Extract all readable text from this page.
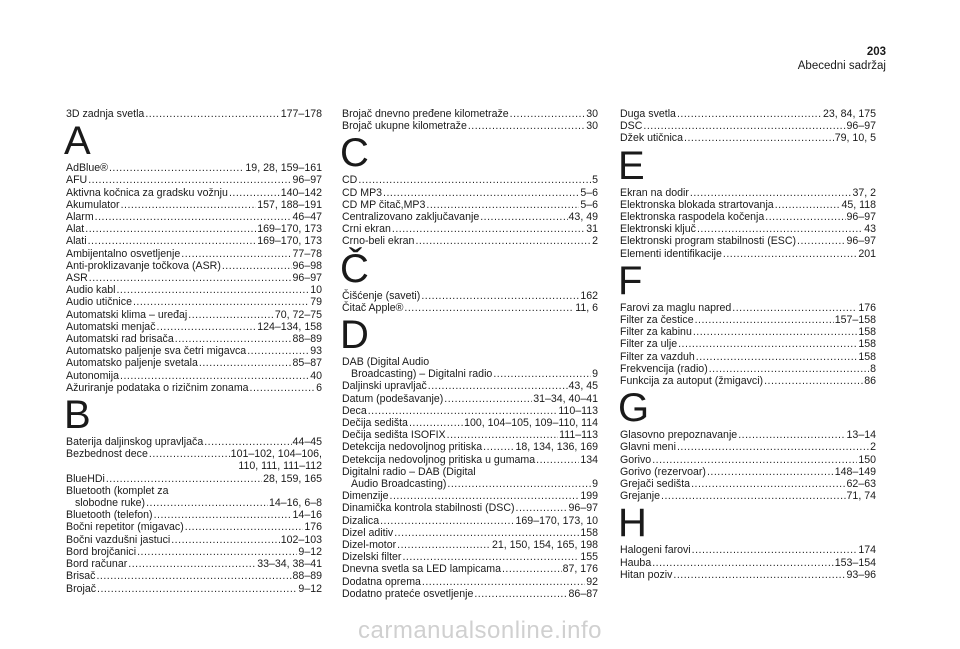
203
Abecedni sadržaj
3D zadnja svetla .....	177–178
A
AdBlue® .....	19, 28, 159–161
AFU .....	96–97
Aktivna kočnica za gradsku vožnju .....	140–142
Akumulator .....	157, 188–191
Alarm .....	46–47
Alat .....	169–170, 173
Alati .....	169–170, 173
Ambijentalno osvetljenje .....	77–78
Anti-proklizavanje točkova (ASR) .....	96–98
ASR .....	96–97
Audio kabl .....	10
Audio utičnice .....	79
Automatski klima – uređaj .....	70, 72–75
Automatski menjač .....	124–134, 158
Automatski rad brisača .....	88–89
Automatsko paljenje sva četri migavca .....	93
Automatsko paljenje svetala .....	85–87
Autonomija .....	40
Ažuriranje podataka o rizičnim zonama .....	6
B
Baterija daljinskog upravljača .....	44–45
Bezbednost dece .....	101–102, 104–106,
110, 111, 111–112
BlueHDi .....	28, 159, 165
Bluetooth (komplet za
slobodne ruke) .....	14–16, 6–8
Bluetooth (telefon) .....	14–16
Bočni repetitor (migavac) .....	176
Bočni vazdušni jastuci .....	102–103
Bord brojčanici .....	9–12
Bord računar .....	33–34, 38–41
Brisač .....	88–89
Brojač .....	9–12
Brojač dnevno pređene kilometraže .....	30
Brojač ukupne kilometraže .....	30
C
CD .....	5
CD MP3 .....	5–6
CD MP čitač,MP3 .....	5–6
Centralizovano zaključavanje .....	43, 49
Crni ekran .....	31
Crno-beli ekran .....	2
Č
Čišćenje (saveti) .....	162
Čitač Apple® .....	11, 6
D
DAB (Digital Audio
Broadcasting) – Digitalni radio .....	9
Daljinski upravljač .....	43, 45
Datum (podešavanje) .....	31–34, 40–41
Deca .....	110–113
Dečija sedišta .....	100, 104–105, 109–110, 114
Dečija sedišta ISOFIX .....	111–113
Detekcija nedovoljnog pritiska .....	18, 134, 136, 169
Detekcija nedovoljnog pritiska u gumama .....	134
Digitalni radio – DAB (Digital
Audio Broadcasting) .....	9
Dimenzije .....	199
Dinamička kontrola stabilnosti (DSC) .....	96–97
Dizalica .....	169–170, 173, 10
Dizel aditiv .....	158
Dizel-motor .....	21, 150, 154, 165, 198
Dizelski filter .....	155
Dnevna svetla sa LED lampicama .....	87, 176
Dodatna oprema .....	92
Dodatno prateće osvetljenje .....	86–87
Duga svetla .....	23, 84, 175
DSC .....	96–97
Džek utičnica .....	79, 10, 5
E
Ekran na dodir .....	37, 2
Elektronska blokada strartovanja .....	45, 118
Elektronska raspodela kočenja .....	96–97
Elektronski ključ .....	43
Elektronski program stabilnosti (ESC) .....	96–97
Elementi identifikacije .....	201
F
Farovi za maglu napred .....	176
Filter za čestice .....	157–158
Filter za kabinu .....	158
Filter za ulje .....	158
Filter za vazduh .....	158
Frekvencija (radio) .....	8
Funkcija za autoput (žmigavci) .....	86
G
Glasovno prepoznavanje .....	13–14
Glavni meni .....	2
Gorivo .....	150
Gorivo (rezervoar) .....	148–149
Grejači sedišta .....	62–63
Grejanje .....	71, 74
H
Halogeni farovi .....	174
Hauba .....	153–154
Hitan poziv .....	93–96
carmanualsonline.info
